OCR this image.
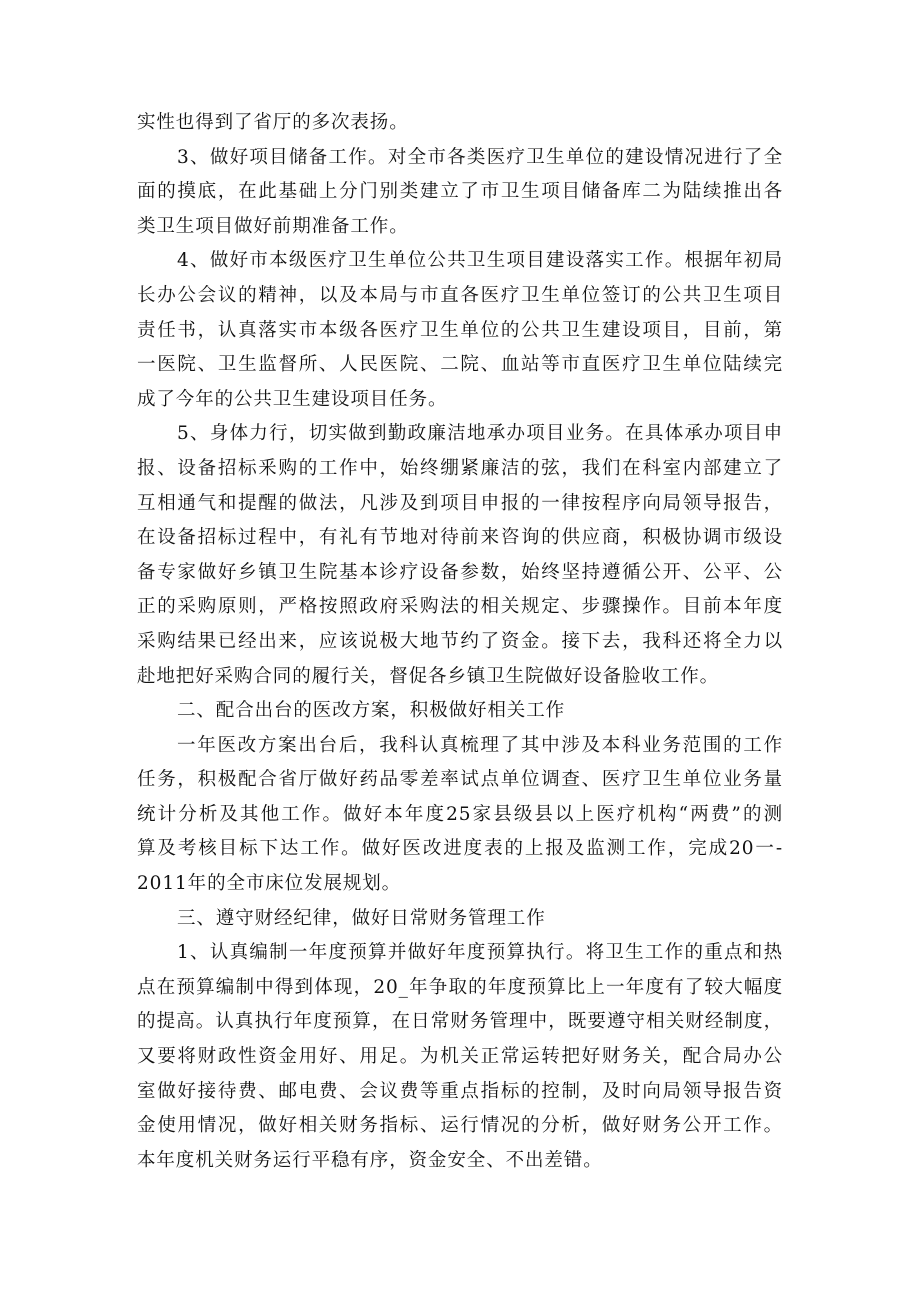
实性也得到了省厅的多次表扬。
3、做好项目储备工作。对全市各类医疗卫生单位的建设情况进行了全
面的摸底，在此基础上分门别类建立了市卫生项目储备库二为陆续推出各
类卫生项目做好前期准备工作。
4、做好市本级医疗卫生单位公共卫生项目建设落实工作。根据年初局
长办公会议的精神，以及本局与市直各医疗卫生单位签订的公共卫生项目
责任书，认真落实市本级各医疗卫生单位的公共卫生建设项目，目前，第
一医院、卫生监督所、人民医院、二院、血站等市直医疗卫生单位陆续完
成了今年的公共卫生建设项目任务。
5、身体力行，切实做到勤政廉洁地承办项目业务。在具体承办项目申
报、设备招标釆购的工作中，始终绷紧廉洁的弦，我们在科室内部建立了
互相通气和提醒的做法，凡涉及到项目申报的一律按程序向局领导报告，
在设备招标过程中，有礼有节地对待前来咨询的供应商，积极协调市级设
备专家做好乡镇卫生院基本诊疗设备参数，始终坚持遵循公开、公平、公
正的采购原则，严格按照政府采购法的相关规定、步骤操作。目前本年度
采购结果已经出来，应该说极大地节约了资金。接下去，我科还将全力以
赴地把好采购合同的履行关，督促各乡镇卫生院做好设备脸收工作。
二、配合出台的医改方案，积极做好相关工作
一年医改方案出台后，我科认真梳理了其中涉及本科业务范围的工作
任务，积极配合省厅做好药品零差率试点单位调查、医疗卫生单位业务量
统计分析及其他工作。做好本年度25家县级县以上医疗机构“两费”的测
算及考核目标下达工作。做好医改进度表的上报及监测工作，完成20一-
2011年的全市床位发展规划。
三、遵守财经纪律，做好日常财务管理工作
1、认真编制一年度预算并做好年度预算执行。将卫生工作的重点和热
点在预算编制中得到体现，20_年争取的年度预算比上一年度有了较大幅度
的提高。认真执行年度预算，在日常财务管理中，既要遵守相关财经制度，
又要将财政性资金用好、用足。为机关正常运转把好财务关，配合局办公
室做好接待费、邮电费、会议费等重点指标的控制，及时向局领导报告资
金使用情况，做好相关财务指标、运行情况的分析，做好财务公开工作。
本年度机关财务运行平稳有序，资金安全、不出差错。
